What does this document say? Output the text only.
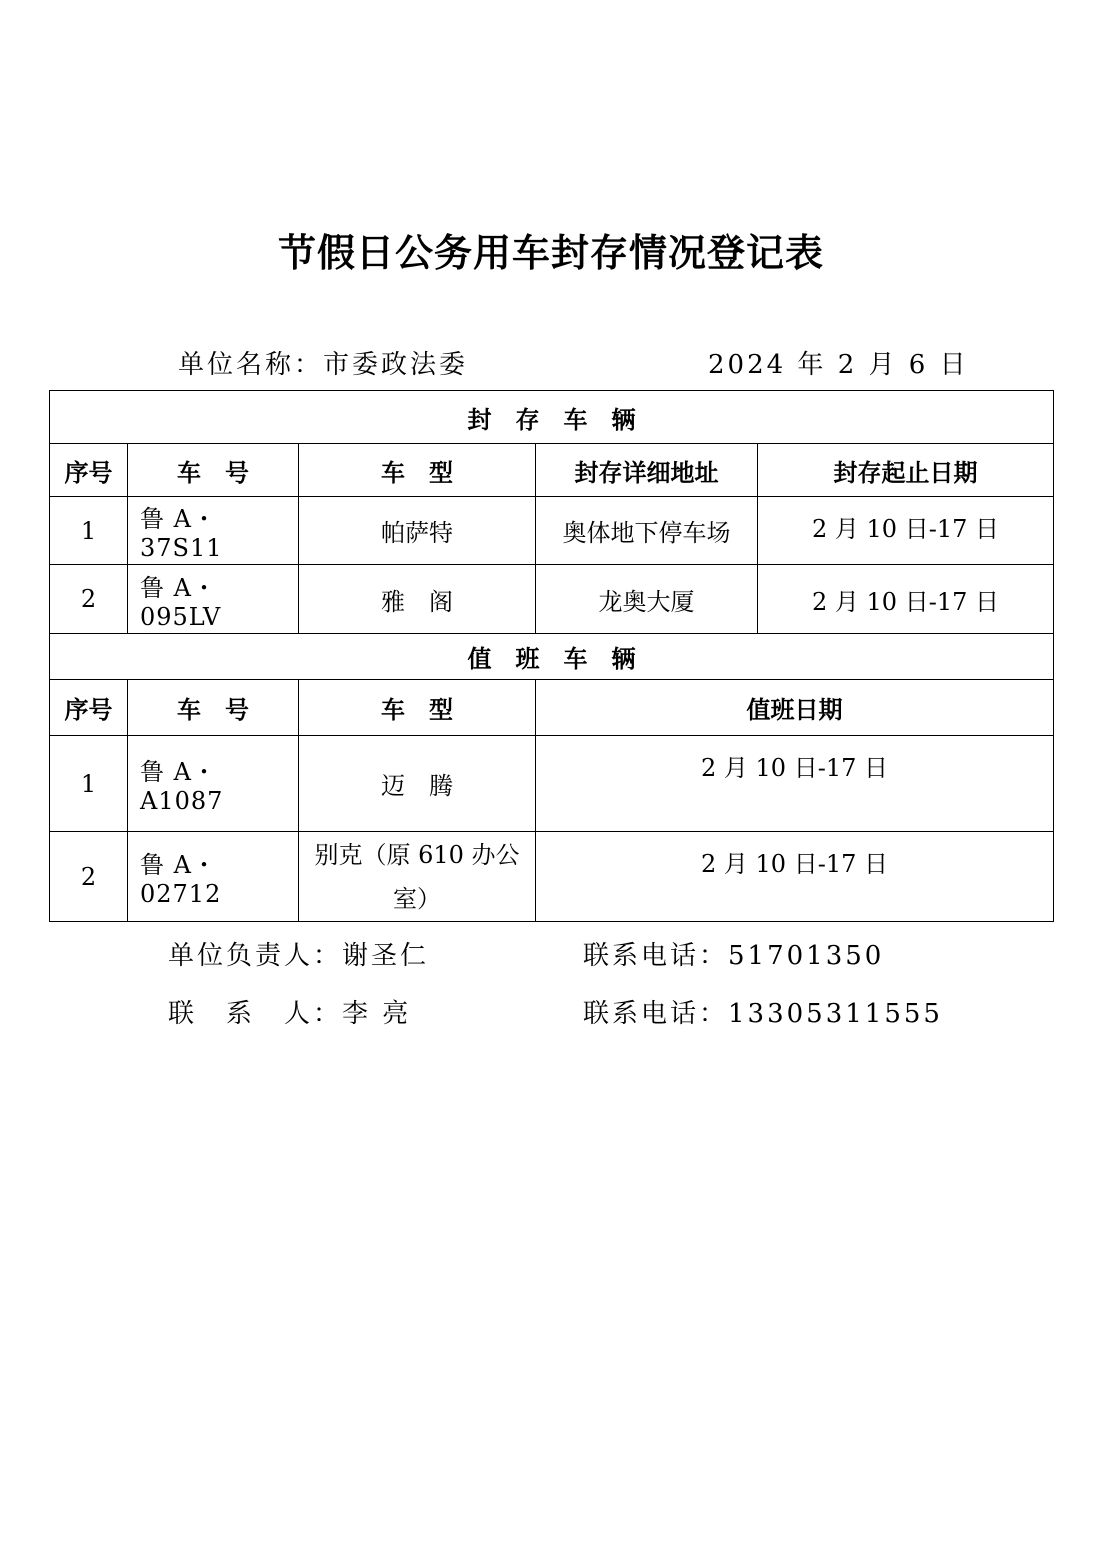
节假日公务用车封存情况登记表
单位名称：市委政法委	2024 年 2 月 6 日
封　存　车　辆				
序号	车　号	车　型	封存详细地址	封存起止日期
1	鲁 A・37S11	帕萨特	奥体地下停车场	2 月 10 日-17 日
2	鲁 A・095LV	雅　阁	龙奥大厦	2 月 10 日-17 日
值　班　车　辆				
序号	车　号	车　型	值班日期	
1	鲁 A・A1087	迈　腾	2 月 10 日-17 日	
2	鲁 A・02712	别克（原 610 办公室）	2 月 10 日-17 日	
单位负责人：谢圣仁	联系电话：51701350
联　系　人：李 亮	联系电话：13305311555
